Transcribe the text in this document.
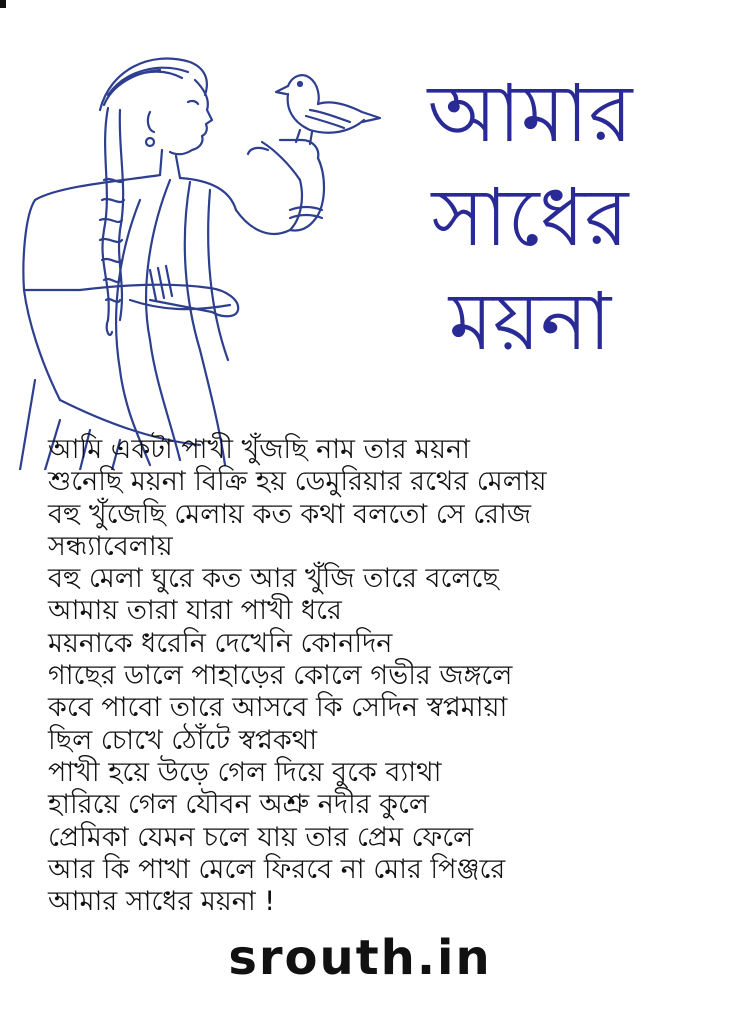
আমার
সাধের
ময়না
আমি একটা পাখী খুঁজছি নাম তার ময়না
শুনেছি ময়না বিক্রি হয় ডেমুরিয়ার রথের মেলায়
বহু খুঁজেছি মেলায় কত কথা বলতো সে রোজ
সন্ধ্যাবেলায়
বহু মেলা ঘুরে কত আর খুঁজি তারে বলেছে
আমায় তারা যারা পাখী ধরে
ময়নাকে ধরেনি দেখেনি কোনদিন
গাছের ডালে পাহাড়ের কোলে গভীর জঙ্গলে
কবে পাবো তারে আসবে কি সেদিন স্বপ্নমায়া
ছিল চোখে ঠোঁটে স্বপ্নকথা
পাখী হয়ে উড়ে গেল দিয়ে বুকে ব্যাথা
হারিয়ে গেল যৌবন অশ্রু নদীর কুলে
প্রেমিকা যেমন চলে যায় তার প্রেম ফেলে
আর কি পাখা মেলে ফিরবে না মোর পিঞ্জরে
আমার সাধের ময়না !
srouth.in
